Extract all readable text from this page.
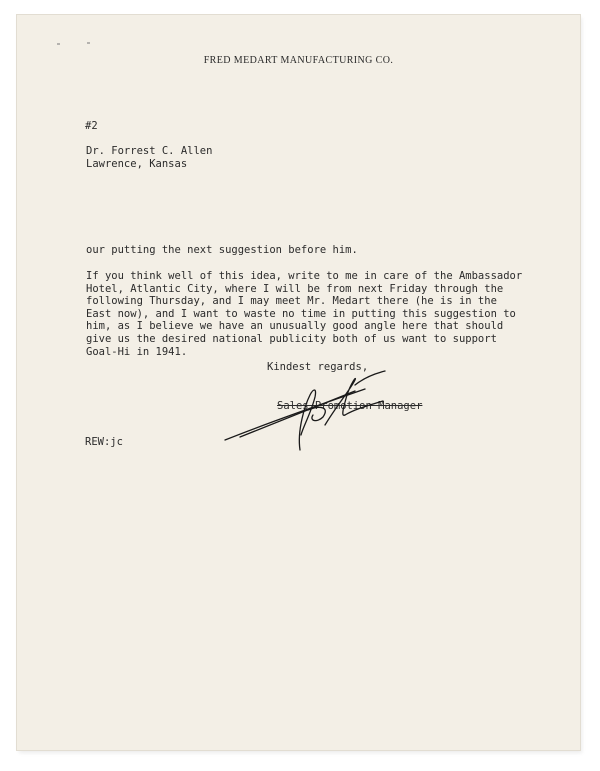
FRED MEDART MANUFACTURING CO.
#2
Dr. Forrest C. Allen
Lawrence, Kansas
our putting the next suggestion before him.
If you think well of this idea, write to me in care of the Ambassador
Hotel, Atlantic City, where I will be from next Friday through the
following Thursday, and I may meet Mr. Medart there (he is in the
East now), and I want to waste no time in putting this suggestion to
him, as I believe we have an unusually good angle here that should
give us the desired national publicity both of us want to support
Goal-Hi in 1941.
Kindest regards,
Sales Promotion Manager
REW:jc
